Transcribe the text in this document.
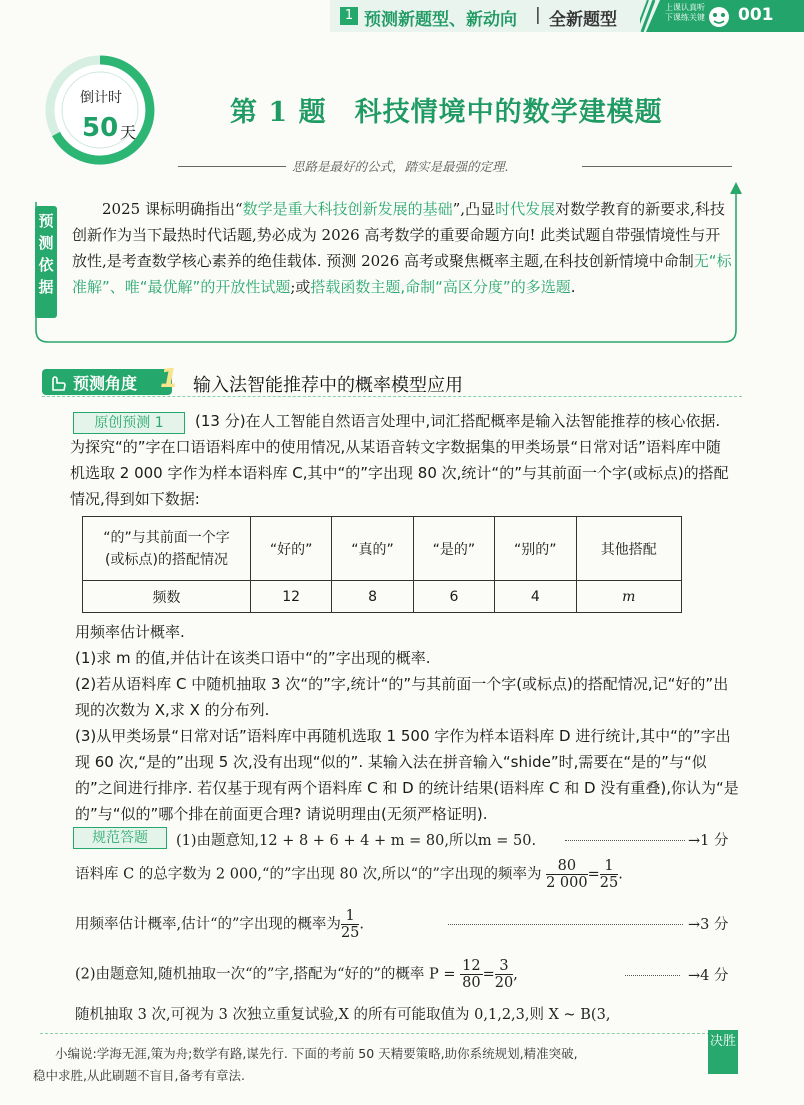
1 预测新题型、新动向 | 全新题型
上课认真听 下课练关键	001
倒计时
50 天
第 1 题　科技情境中的数学建模题
思路是最好的公式，踏实是最强的定理.
预测依据
2025 课标明确指出“数学是重大科技创新发展的基础”,凸显时代发展对数学教育的新要求,科技创新作为当下最热时代话题,势必成为 2026 高考数学的重要命题方向! 此类试题自带强情境性与开放性,是考查数学核心素养的绝佳载体. 预测 2026 高考或聚焦概率主题,在科技创新情境中命制无“标准解”、唯“最优解”的开放性试题;或搭载函数主题,命制“高区分度”的多选题.
预测角度 1 输入法智能推荐中的概率模型应用
原创预测 1	(13 分)在人工智能自然语言处理中,词汇搭配概率是输入法智能推荐的核心依据. 为探究“的”字在口语语料库中的使用情况,从某语音转文字数据集的甲类场景“日常对话”语料库中随机选取 2 000 字作为样本语料库 C,其中“的”字出现 80 次,统计“的”与其前面一个字(或标点)的搭配情况,得到如下数据:
“的”与其前面一个字
(或标点)的搭配情况	“好的”	“真的”	“是的”	“别的”	其他搭配
频数	12	8	6	4	m
用频率估计概率.
(1)求 m 的值,并估计在该类口语中“的”字出现的概率.
(2)若从语料库 C 中随机抽取 3 次“的”字,统计“的”与其前面一个字(或标点)的搭配情况,记“好的”出现的次数为 X,求 X 的分布列.
(3)从甲类场景“日常对话”语料库中再随机选取 1 500 字作为样本语料库 D 进行统计,其中“的”字出现 60 次,“是的”出现 5 次,没有出现“似的”. 某输入法在拼音输入“shide”时,需要在“是的”与“似的”之间进行排序. 若仅基于现有两个语料库 C 和 D 的统计结果(语料库 C 和 D 没有重叠),你认为“是的”与“似的”哪个排在前面更合理? 请说明理由(无须严格证明).
规范答题	(1)由题意知,12 + 8 + 6 + 4 + m = 80,所以m = 50.	→1 分
语料库 C 的总字数为 2 000,“的”字出现 80 次,所以“的”字出现的频率为 $\frac{80}{2 000} = \frac{1}{25}$ .
用频率估计概率,估计“的”字出现的概率为 $\frac{1}{25}$ .	→3 分
(2)由题意知,随机抽取一次“的”字,搭配为“好的”的概率 $P = \frac{12}{80} = \frac{3}{20}$ ,	→4 分
随机抽取 3 次,可视为 3 次独立重复试验,X 的所有可能取值为 0,1,2,3,则 X ~ B(3,
小编说:学海无涯,策为舟;数学有路,谋先行. 下面的考前 50 天精要策略,助你系统规划,精准突破,
稳中求胜,从此刷题不盲目,备考有章法.
决胜
